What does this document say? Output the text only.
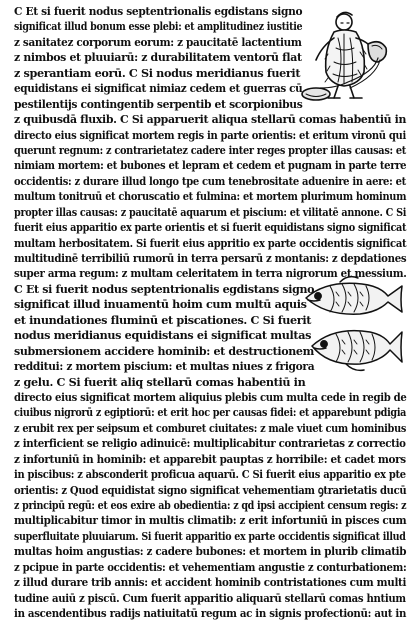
C Et si fuerit nodus septentrionalis egdistans signo
significat illud bonum esse plebi: et amplitudinez iustitie
z sanitatez corporum eorum: z paucitatē lactentium
z nimbos et pluuiarū: z durabilitatem ventorū flat
z sperantiam eorū. C Si nodus meridianus fuerit
equidistans ei significat nimiaz cedem et guerras cū
pestilentijs contingentib serpentib et scorpionibus
z quibusdā fluxib. C Si apparuerit aliqua stellarū comas habentiū in
directo eius significat mortem regis in parte orientis: et eritum vironū qui
querunt regnum: z contrarietatez cadere inter reges propter illas causas: et
nimiam mortem: et bubones et lepram et cedem et pugnam in parte terre
occidentis: z durare illud longo tpe cum tenebrositate aduenire in aere: et
multum tonitruū et choruscatio et fulmina: et mortem plurimum hominum
propter illas causas: z paucitatē aquarum et piscium: et vilitatē annone. C Si
fuerit eius apparitio ex parte orientis et si fuerit equidistans signo significat
multam herbositatem. Si fuerit eius appritio ex parte occidentis significat
multitudinē terribiliū rumorū in terra persarū z montanis: z depdationes
super arma regum: z multam celeritatem in terra nigrorum et messium.
C Et si fuerit nodus septentrionalis egdistans signo
significat illud inuamentū hoim cum multū aquis
et inundationes fluminū et piscationes. C Si fuerit
nodus meridianus equidistans ei significat multas
submersionem accidere hominib: et destructionem
redditui: z mortem piscium: et multas niues z frigora
z gelu. C Si fuerit aliq stellarū comas habentiū in
directo eius significat mortem aliquius plebis cum multa cede in regib de
ciuibus nigrorū z egiptiorū: et erit hoc per causas fidei: et apparebunt pdigia
z erubit rex per seipsum et comburet ciuitates: z male viuet cum hominibus
z interficient se religio adinuicē: multiplicabitur contrarietas z correctio
z infortuniū in hominib: et apparebit pauptas z horribile: et cadet mors
in piscibus: z absconderit proficua aquarū. C Si fuerit eius apparitio ex pte
orientis: z Quod equidistat signo significat vehementiam ꝯtrarietatis ducū
z principū regū: et eos exire ab obedientia: z qd ipsi accipient censum regis: z
multiplicabitur timor in multis climatib: z erit infortuniū in pisces cum
superfluitate pluuiarum. Si fuerit apparitio ex parte occidentis significat illud
multas hoim angustias: z cadere bubones: et mortem in plurib climatib
z pcipue in parte occidentis: et vehementiam angustie z conturbationem:
z illud durare trib annis: et accident hominib contristationes cum multi
tudine auiū z piscū. Cum fuerit apparitio aliquarū stellarū comas hntium
in ascendentibus radijs natiuitatū regum ac in signis profectionū: aut in
